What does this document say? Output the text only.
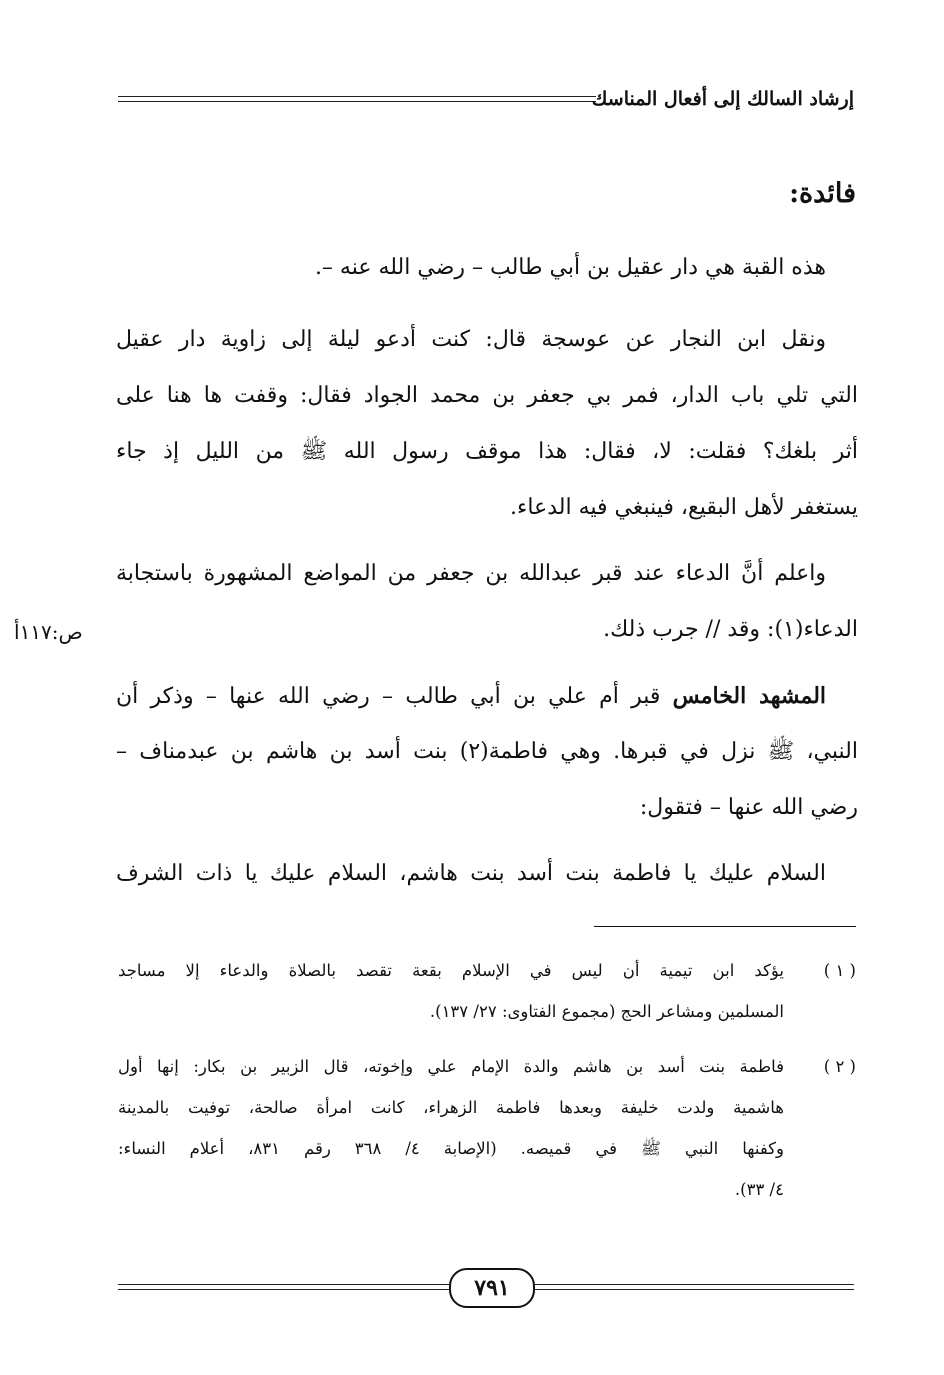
إرشاد السالك إلى أفعال المناسك
فائدة:
هذه القبة هي دار عقيل بن أبي طالب – رضي الله عنه –.
ونقل ابن النجار عن عوسجة قال: كنت أدعو ليلة إلى زاوية دار عقيل
التي تلي باب الدار، فمر بي جعفر بن محمد الجواد فقال: وقفت ها هنا على
أثر بلغك؟ فقلت: لا، فقال: هذا موقف رسول الله ﷺ من الليل إذ جاء
يستغفر لأهل البقيع، فينبغي فيه الدعاء.
واعلم أنَّ الدعاء عند قبر عبدالله بن جعفر من المواضع المشهورة باستجابة
الدعاء(١): وقد // جرب ذلك.
ص:١١٧أ
المشهد الخامس قبر أم علي بن أبي طالب – رضي الله عنها – وذكر أن
النبي، ﷺ نزل في قبرها. وهي فاطمة(٢) بنت أسد بن هاشم بن عبدمناف –
رضي الله عنها – فتقول:
السلام عليك يا فاطمة بنت أسد بنت هاشم، السلام عليك يا ذات الشرف
( ١ )
يؤكد ابن تيمية أن ليس في الإسلام بقعة تقصد بالصلاة والدعاء إلا مساجد
المسلمين ومشاعر الحج (مجموع الفتاوى: ٢٧/ ١٣٧).
( ٢ )
فاطمة بنت أسد بن هاشم والدة الإمام علي وإخوته، قال الزبير بن بكار: إنها أول
هاشمية ولدت خليفة وبعدها فاطمة الزهراء، كانت امرأة صالحة، توفيت بالمدينة
وكفنها النبي ﷺ في قميصه. (الإصابة ٤/ ٣٦٨ رقم ٨٣١، أعلام النساء:
٤/ ٣٣).
٧٩١
